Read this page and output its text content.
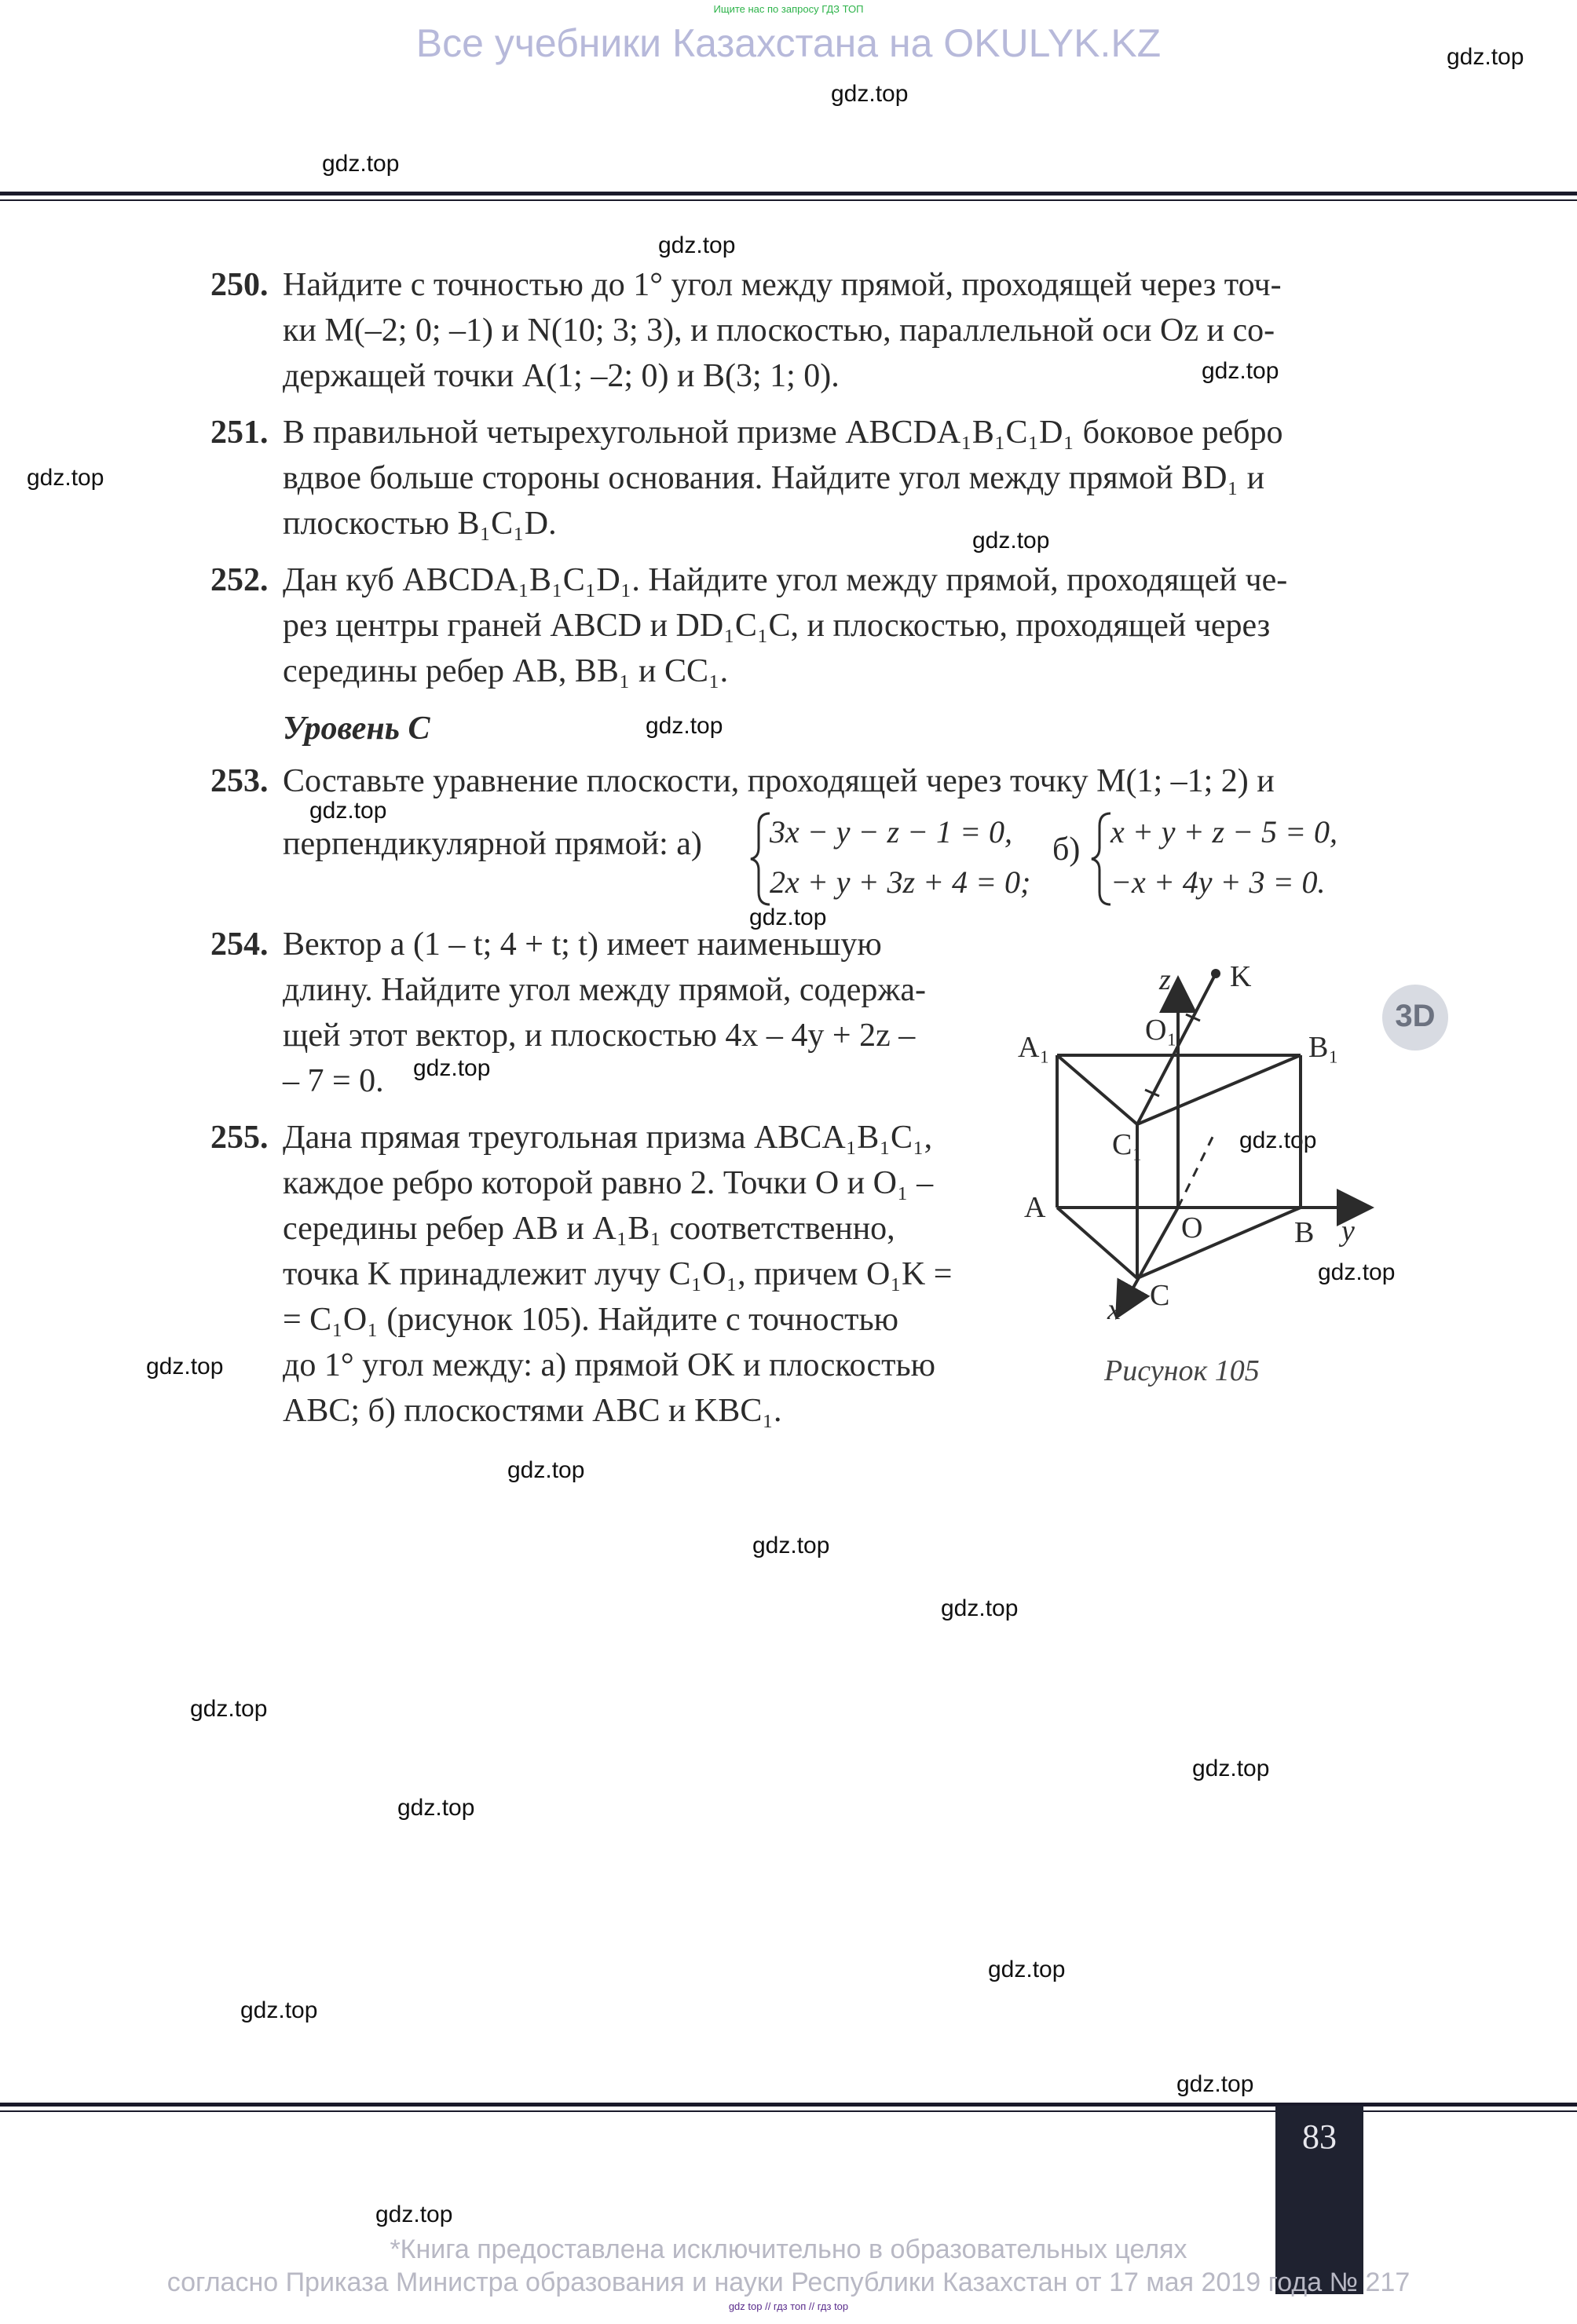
Ищите нас по запросу ГДЗ ТОП
Все учебники Казахстана на OKULYK.KZ	gdz.top
gdz.top
gdz.top
gdz.top
gdz.top
gdz.top
gdz.top
gdz.top
gdz.top
gdz.top
gdz.top
gdz.top
gdz.top
gdz.top
gdz.top
gdz.top
gdz.top
gdz.top
gdz.top
gdz.top
gdz.top
gdz.top
gdz.top
gdz.top
250. Найдите с точностью до 1° угол между прямой, проходящей через точ-
ки M(–2; 0; –1) и N(10; 3; 3), и плоскостью, параллельной оси Oz и со-
держащей точки A(1; –2; 0) и B(3; 1; 0).
251. В правильной четырехугольной призме ABCDA₁B₁C₁D₁ боковое ребро
вдвое больше стороны основания. Найдите угол между прямой BD₁ и
плоскостью B₁C₁D.
252. Дан куб ABCDA₁B₁C₁D₁. Найдите угол между прямой, проходящей че-
рез центры граней ABCD и DD₁C₁C, и плоскостью, проходящей через
середины ребер AB, BB₁ и CC₁.
Уровень C
253. Составьте уравнение плоскости, проходящей через точку M(1; –1; 2) и
перпендикулярной прямой: а) 3x − y − z − 1 = 0,
2x + y + 3z + 4 = 0;
б) x + y + z − 5 = 0,
−x + 4y + 3 = 0.
254. Вектор a (1 – t; 4 + t; t) имеет наименьшую
длину. Найдите угол между прямой, содержа-
щей этот вектор, и плоскостью 4x – 4y + 2z –
– 7 = 0.
255. Дана прямая треугольная призма ABCA₁B₁C₁,
каждое ребро которой равно 2. Точки O и O₁ –
середины ребер AB и A₁B₁ соответственно,
точка K принадлежит лучу C₁O₁, причем O₁K =
= C₁O₁ (рисунок 105). Найдите с точностью
до 1° угол между: а) прямой OK и плоскостью
ABC; б) плоскостями ABC и KBC₁.
z K
O₁
A₁	B₁
C₁
A
O	B y
x C
Рисунок 105
3D
83
*Книга предоставлена исключительно в образовательных целях
согласно Приказа Министра образования и науки Республики Казахстан от 17 мая 2019 года № 217
gdz top // гдз топ // гдз top
